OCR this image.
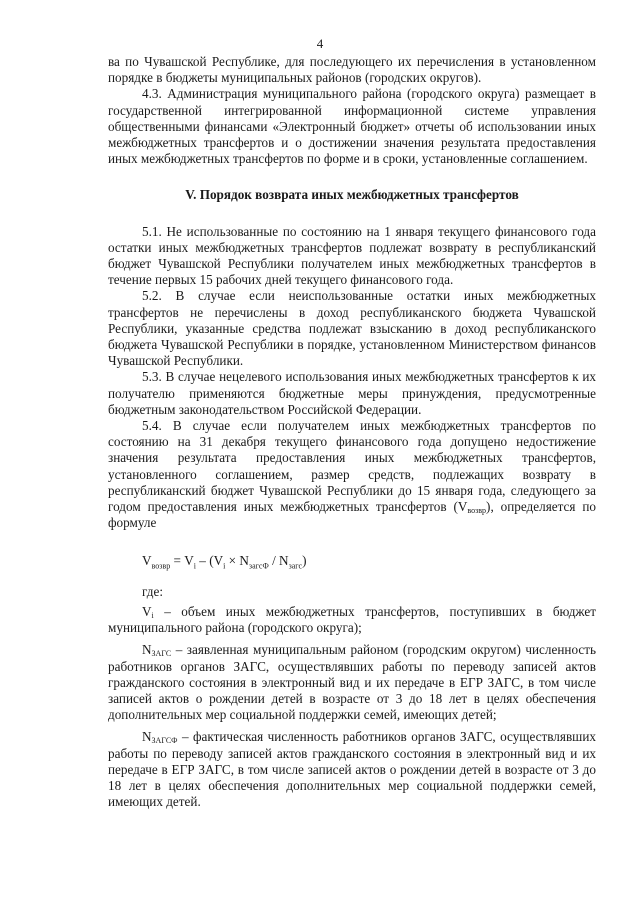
4

ва по Чувашской Республике, для последующего их перечисления в установленном порядке в бюджеты муниципальных районов (городских округов).

4.3. Администрация муниципального района (городского округа) размещает в государственной интегрированной информационной системе управления общественными финансами «Электронный бюджет» отчеты об использовании иных межбюджетных трансфертов и о достижении значения результата предоставления иных межбюджетных трансфертов по форме и в сроки, установленные соглашением.

V. Порядок возврата иных межбюджетных трансфертов

5.1. Не использованные по состоянию на 1 января текущего финансового года остатки иных межбюджетных трансфертов подлежат возврату в республиканский бюджет Чувашской Республики получателем иных межбюджетных трансфертов в течение первых 15 рабочих дней текущего финансового года.

5.2. В случае если неиспользованные остатки иных межбюджетных трансфертов не перечислены в доход республиканского бюджета Чувашской Республики, указанные средства подлежат взысканию в доход республиканского бюджета Чувашской Республики в порядке, установленном Министерством финансов Чувашской Республики.

5.3. В случае нецелевого использования иных межбюджетных трансфертов к их получателю применяются бюджетные меры принуждения, предусмотренные бюджетным законодательством Российской Федерации.

5.4. В случае если получателем иных межбюджетных трансфертов по состоянию на 31 декабря текущего финансового года допущено недостижение значения результата предоставления иных межбюджетных трансфертов, установленного соглашением, размер средств, подлежащих возврату в республиканский бюджет Чувашской Республики до 15 января года, следующего за годом предоставления иных межбюджетных трансфертов $(V_{возвр})$, определяется по формуле

$V_{возвр} = V_i - (V_i \times N_{загсФ} / N_{загс})$

где:

$V_i$ – объем иных межбюджетных трансфертов, поступивших в бюджет муниципального района (городского округа);

$N_{ЗАГС}$ – заявленная муниципальным районом (городским округом) численность работников органов ЗАГС, осуществлявших работы по переводу записей актов гражданского состояния в электронный вид и их передаче в ЕГР ЗАГС, в том числе записей актов о рождении детей в возрасте от 3 до 18 лет в целях обеспечения дополнительных мер социальной поддержки семей, имеющих детей;

$N_{ЗАГСФ}$ – фактическая численность работников органов ЗАГС, осуществлявших работы по переводу записей актов гражданского состояния в электронный вид и их передаче в ЕГР ЗАГС, в том числе записей актов о рождении детей в возрасте от 3 до 18 лет в целях обеспечения дополнительных мер социальной поддержки семей, имеющих детей.
